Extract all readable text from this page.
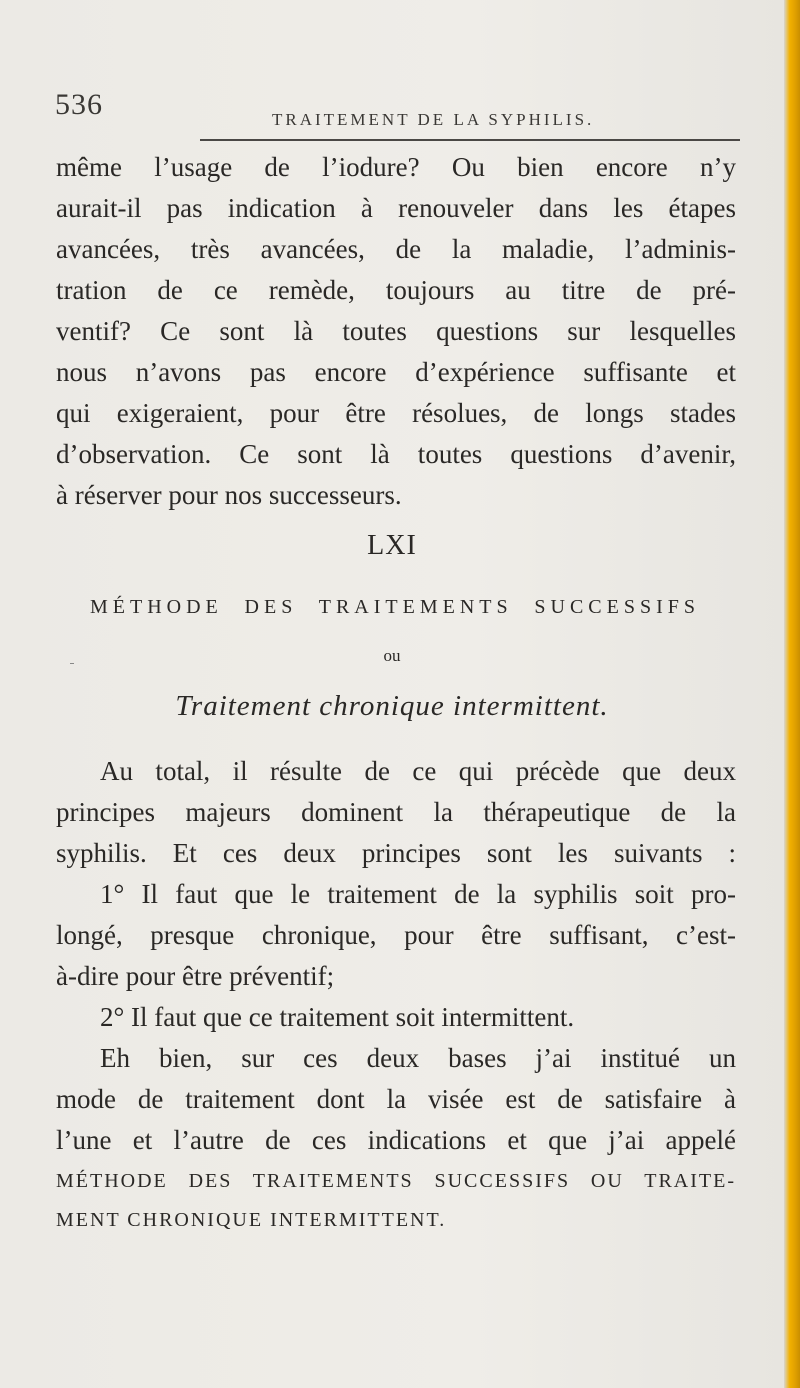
536	TRAITEMENT DE LA SYPHILIS.
même l’usage de l’iodure? Ou bien encore n’y
aurait-il pas indication à renouveler dans les étapes
avancées, très avancées, de la maladie, l’adminis-
tration de ce remède, toujours au titre de pré-
ventif? Ce sont là toutes questions sur lesquelles
nous n’avons pas encore d’expérience suffisante et
qui exigeraient, pour être résolues, de longs stades
d’observation. Ce sont là toutes questions d’avenir,
à réserver pour nos successeurs.
LXI
MÉTHODE DES TRAITEMENTS SUCCESSIFS
ou
Traitement chronique intermittent.
Au total, il résulte de ce qui précède que deux
principes majeurs dominent la thérapeutique de la
syphilis. Et ces deux principes sont les suivants :
1° Il faut que le traitement de la syphilis soit pro-
longé, presque chronique, pour être suffisant, c’est-
à-dire pour être préventif;
2° Il faut que ce traitement soit intermittent.
Eh bien, sur ces deux bases j’ai institué un
mode de traitement dont la visée est de satisfaire à
l’une et l’autre de ces indications et que j’ai appelé
MÉTHODE DES TRAITEMENTS SUCCESSIFS OU TRAITE-
MENT CHRONIQUE INTERMITTENT.
